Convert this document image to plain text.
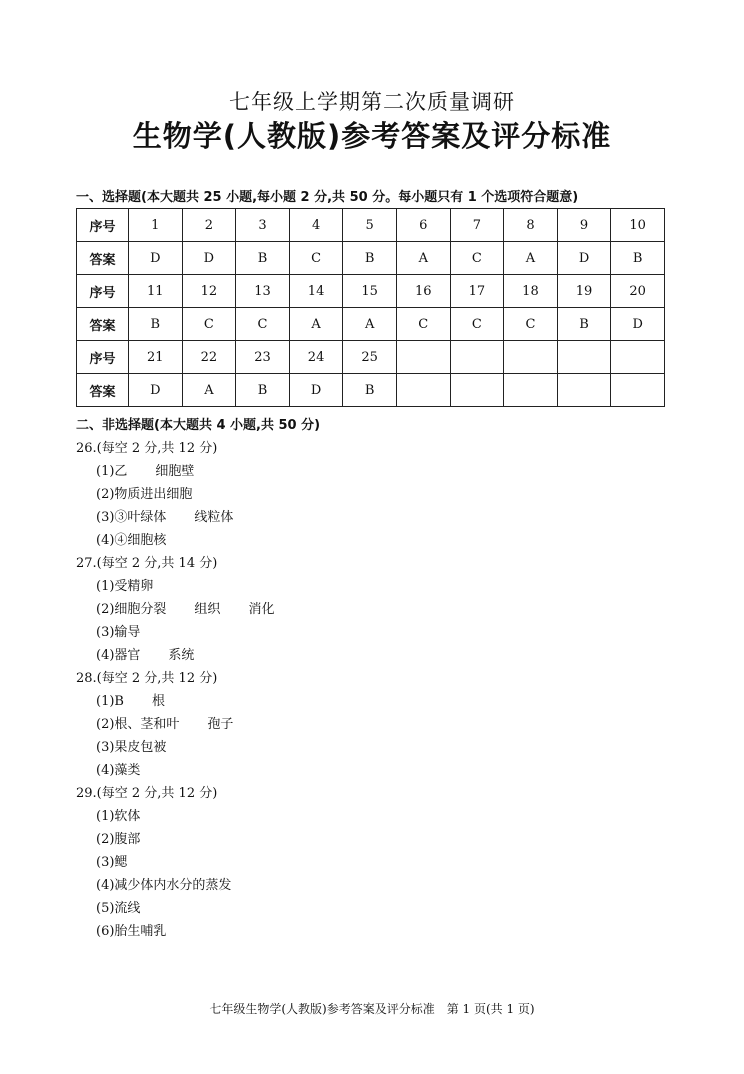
七年级上学期第二次质量调研
生物学(人教版)参考答案及评分标准
一、选择题(本大题共 25 小题,每小题 2 分,共 50 分。每小题只有 1 个选项符合题意)
序号	1	2	3	4	5	6	7	8	9	10
答案	D	D	B	C	B	A	C	A	D	B
序号	11	12	13	14	15	16	17	18	19	20
答案	B	C	C	A	A	C	C	C	B	D
序号	21	22	23	24	25					
答案	D	A	B	D	B					
二、非选择题(本大题共 4 小题,共 50 分)
26.(每空 2 分,共 12 分)
(1)乙 细胞壁
(2)物质进出细胞
(3)③叶绿体 线粒体
(4)④细胞核
27.(每空 2 分,共 14 分)
(1)受精卵
(2)细胞分裂 组织 消化
(3)输导
(4)器官 系统
28.(每空 2 分,共 12 分)
(1)B 根
(2)根、茎和叶 孢子
(3)果皮包被
(4)藻类
29.(每空 2 分,共 12 分)
(1)软体
(2)腹部
(3)鳃
(4)减少体内水分的蒸发
(5)流线
(6)胎生哺乳
七年级生物学(人教版)参考答案及评分标准　第 1 页(共 1 页)
